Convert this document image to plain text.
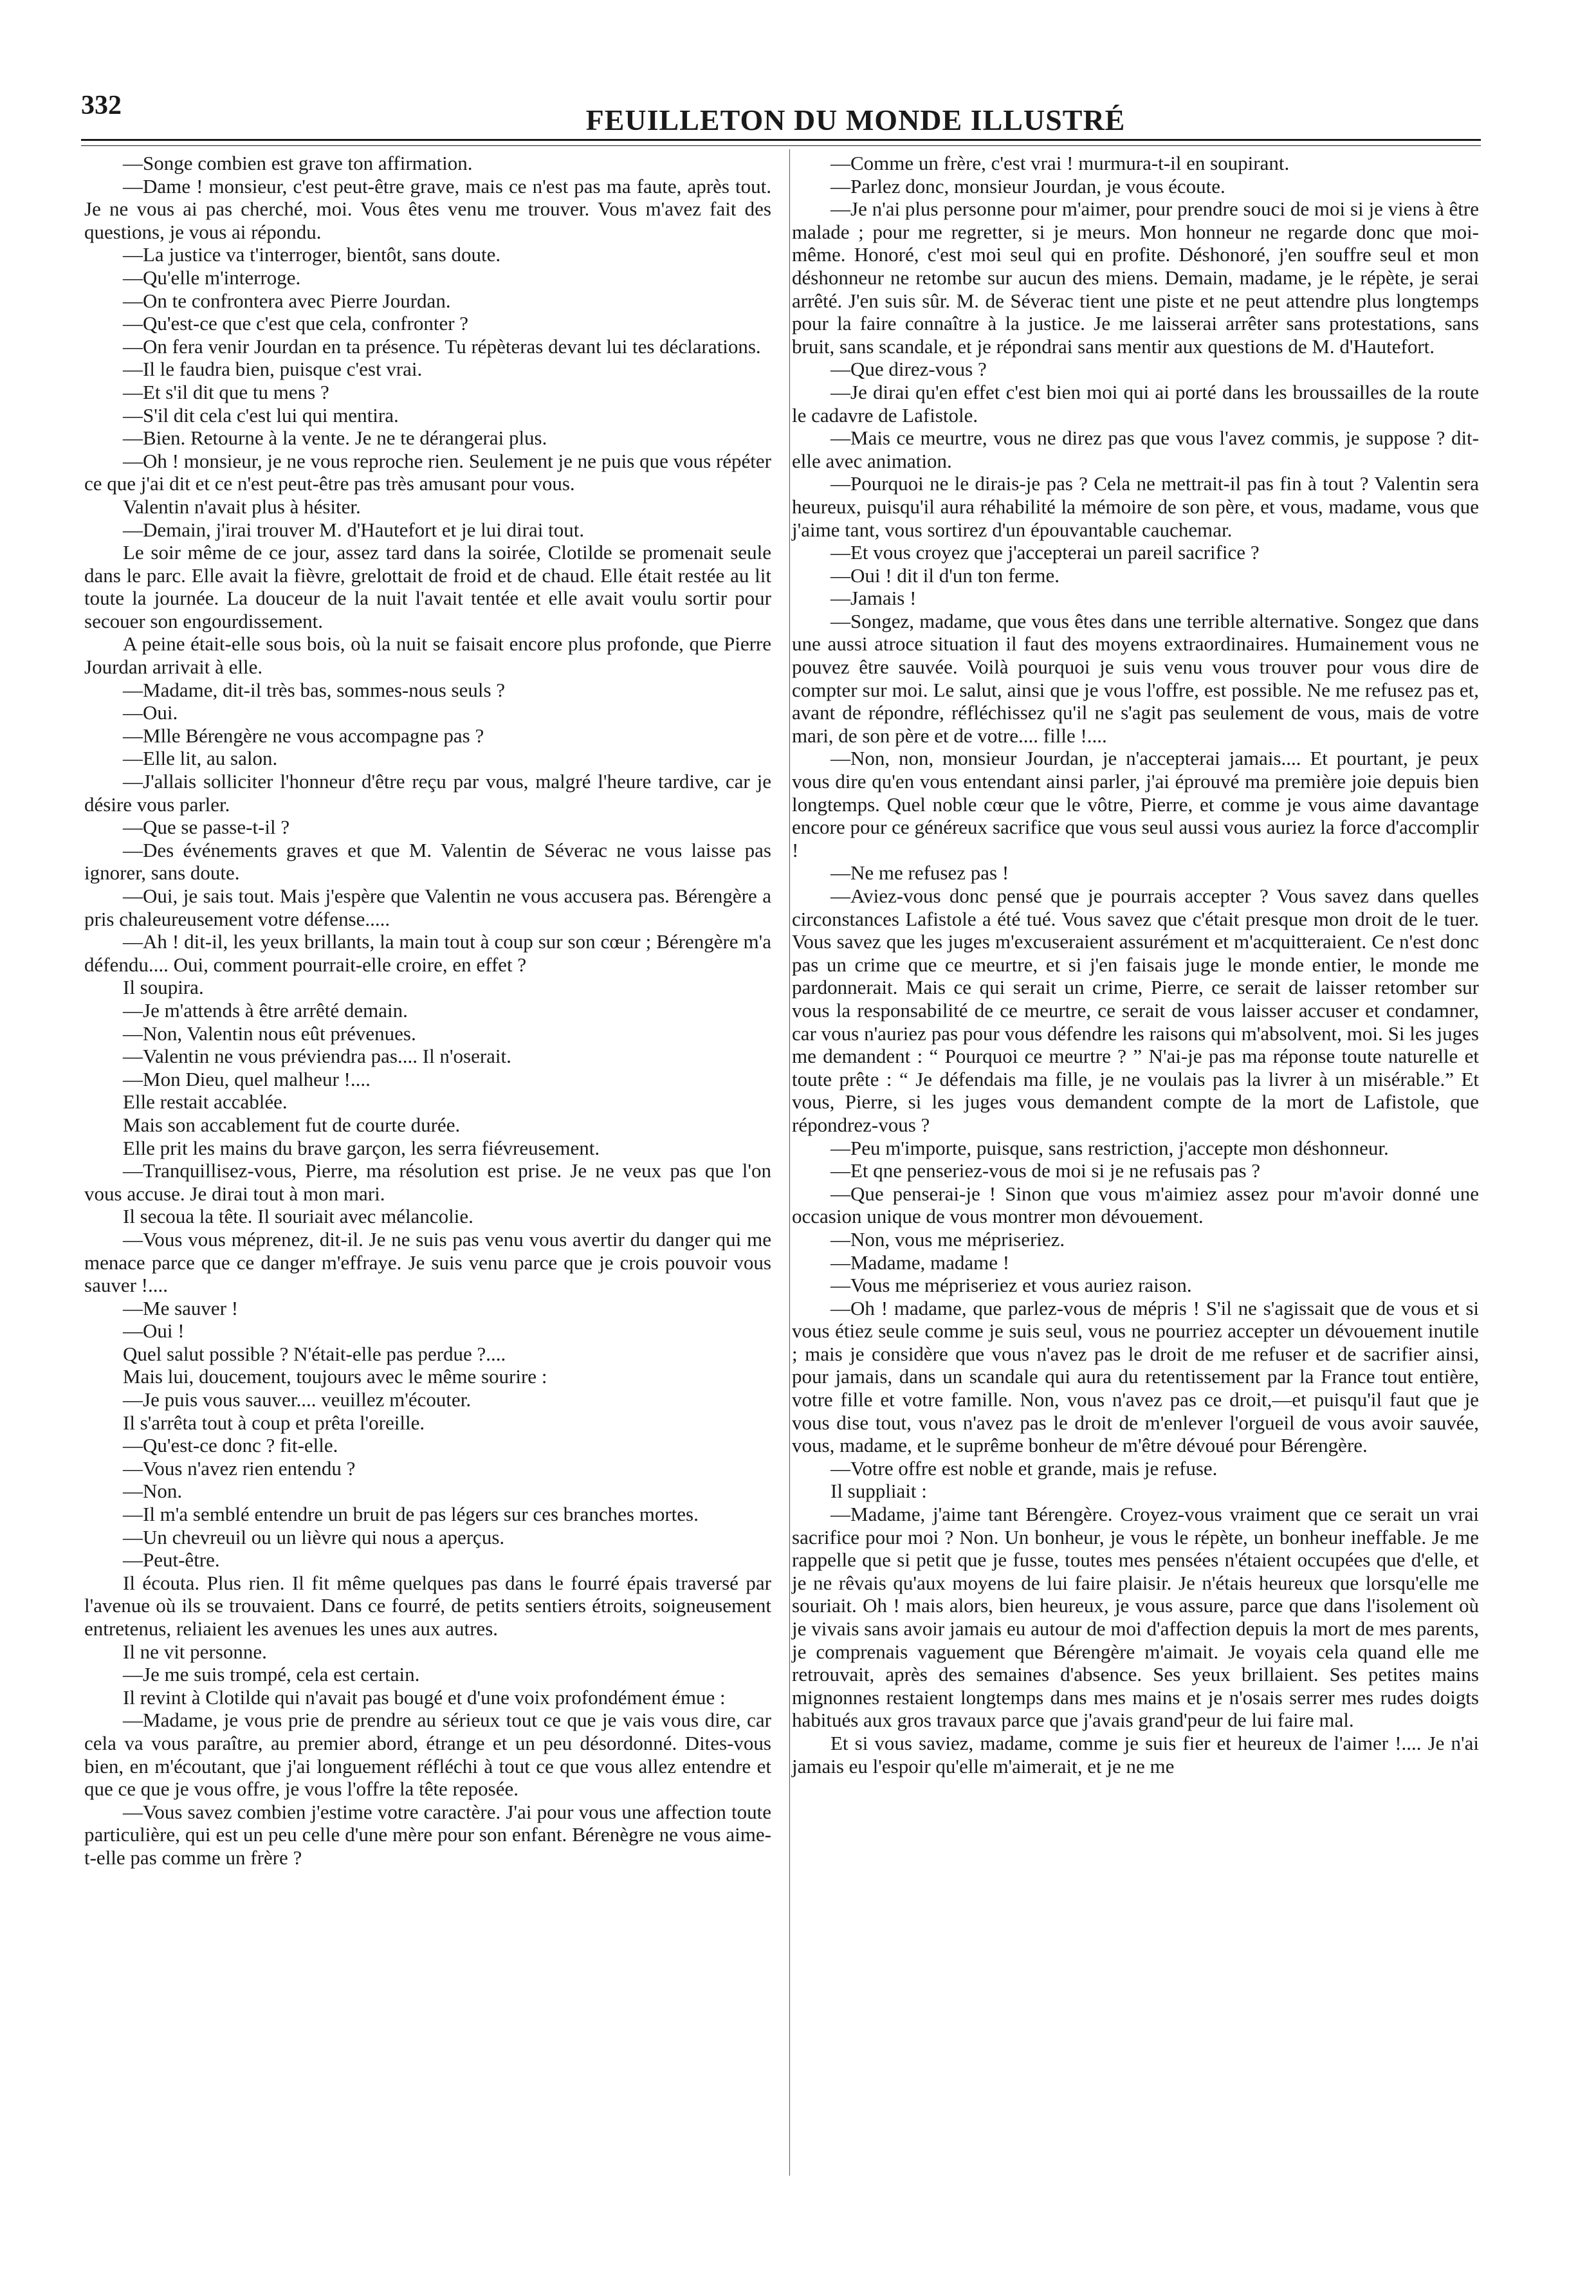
332	FEUILLETON DU MONDE ILLUSTRÉ

—Songe combien est grave ton affirmation.

—Dame ! monsieur, c'est peut-être grave, mais ce n'est pas ma faute, après tout. Je ne vous ai pas cherché, moi. Vous êtes venu me trouver. Vous m'avez fait des questions, je vous ai répondu.

—La justice va t'interroger, bientôt, sans doute.

—Qu'elle m'interroge.

—On te confrontera avec Pierre Jourdan.

—Qu'est-ce que c'est que cela, confronter ?

—On fera venir Jourdan en ta présence. Tu répèteras devant lui tes déclarations.

—Il le faudra bien, puisque c'est vrai.

—Et s'il dit que tu mens ?

—S'il dit cela c'est lui qui mentira.

—Bien. Retourne à la vente. Je ne te dérangerai plus.

—Oh ! monsieur, je ne vous reproche rien. Seulement je ne puis que vous répéter ce que j'ai dit et ce n'est peut-être pas très amusant pour vous.

Valentin n'avait plus à hésiter.

—Demain, j'irai trouver M. d'Hautefort et je lui dirai tout.

Le soir même de ce jour, assez tard dans la soirée, Clotilde se promenait seule dans le parc. Elle avait la fièvre, grelottait de froid et de chaud. Elle était restée au lit toute la journée. La douceur de la nuit l'avait tentée et elle avait voulu sortir pour secouer son engourdissement.

A peine était-elle sous bois, où la nuit se faisait encore plus profonde, que Pierre Jourdan arrivait à elle.

—Madame, dit-il très bas, sommes-nous seuls ?

—Oui.

—Mlle Bérengère ne vous accompagne pas ?

—Elle lit, au salon.

—J'allais solliciter l'honneur d'être reçu par vous, malgré l'heure tardive, car je désire vous parler.

—Que se passe-t-il ?

—Des événements graves et que M. Valentin de Séverac ne vous laisse pas ignorer, sans doute.

—Oui, je sais tout. Mais j'espère que Valentin ne vous accusera pas. Bérengère a pris chaleureusement votre défense.....

—Ah ! dit-il, les yeux brillants, la main tout à coup sur son cœur ; Bérengère m'a défendu.... Oui, comment pourrait-elle croire, en effet ?

Il soupira.

—Je m'attends à être arrêté demain.

—Non, Valentin nous eût prévenues.

—Valentin ne vous préviendra pas.... Il n'oserait.

—Mon Dieu, quel malheur !....

Elle restait accablée.

Mais son accablement fut de courte durée.

Elle prit les mains du brave garçon, les serra fiévreusement.

—Tranquillisez-vous, Pierre, ma résolution est prise. Je ne veux pas que l'on vous accuse. Je dirai tout à mon mari.

Il secoua la tête. Il souriait avec mélancolie.

—Vous vous méprenez, dit-il. Je ne suis pas venu vous avertir du danger qui me menace parce que ce danger m'effraye. Je suis venu parce que je crois pouvoir vous sauver !....

—Me sauver !

—Oui !

Quel salut possible ? N'était-elle pas perdue ?....

Mais lui, doucement, toujours avec le même sourire :

—Je puis vous sauver.... veuillez m'écouter.

Il s'arrêta tout à coup et prêta l'oreille.

—Qu'est-ce donc ? fit-elle.

—Vous n'avez rien entendu ?

—Non.

—Il m'a semblé entendre un bruit de pas légers sur ces branches mortes.

—Un chevreuil ou un lièvre qui nous a aperçus.

—Peut-être.

Il écouta. Plus rien. Il fit même quelques pas dans le fourré épais traversé par l'avenue où ils se trouvaient. Dans ce fourré, de petits sentiers étroits, soigneusement entretenus, reliaient les avenues les unes aux autres.

Il ne vit personne.

—Je me suis trompé, cela est certain.

Il revint à Clotilde qui n'avait pas bougé et d'une voix profondément émue :

—Madame, je vous prie de prendre au sérieux tout ce que je vais vous dire, car cela va vous paraître, au premier abord, étrange et un peu désordonné. Dites-vous bien, en m'écoutant, que j'ai longuement réfléchi à tout ce que vous allez entendre et que ce que je vous offre, je vous l'offre la tête reposée.

—Vous savez combien j'estime votre caractère. J'ai pour vous une affection toute particulière, qui est un peu celle d'une mère pour son enfant. Bérenègre ne vous aime-t-elle pas comme un frère ?

—Comme un frère, c'est vrai ! murmura-t-il en soupirant.

—Parlez donc, monsieur Jourdan, je vous écoute.

—Je n'ai plus personne pour m'aimer, pour prendre souci de moi si je viens à être malade ; pour me regretter, si je meurs. Mon honneur ne regarde donc que moi-même. Honoré, c'est moi seul qui en profite. Déshonoré, j'en souffre seul et mon déshonneur ne retombe sur aucun des miens. Demain, madame, je le répète, je serai arrêté. J'en suis sûr. M. de Séverac tient une piste et ne peut attendre plus longtemps pour la faire connaître à la justice. Je me laisserai arrêter sans protestations, sans bruit, sans scandale, et je répondrai sans mentir aux questions de M. d'Hautefort.

—Que direz-vous ?

—Je dirai qu'en effet c'est bien moi qui ai porté dans les broussailles de la route le cadavre de Lafistole.

—Mais ce meurtre, vous ne direz pas que vous l'avez commis, je suppose ? dit-elle avec animation.

—Pourquoi ne le dirais-je pas ? Cela ne mettrait-il pas fin à tout ? Valentin sera heureux, puisqu'il aura réhabilité la mémoire de son père, et vous, madame, vous que j'aime tant, vous sortirez d'un épouvantable cauchemar.

—Et vous croyez que j'accepterai un pareil sacrifice ?

—Oui ! dit il d'un ton ferme.

—Jamais !

—Songez, madame, que vous êtes dans une terrible alternative. Songez que dans une aussi atroce situation il faut des moyens extraordinaires. Humainement vous ne pouvez être sauvée. Voilà pourquoi je suis venu vous trouver pour vous dire de compter sur moi. Le salut, ainsi que je vous l'offre, est possible. Ne me refusez pas et, avant de répondre, réfléchissez qu'il ne s'agit pas seulement de vous, mais de votre mari, de son père et de votre.... fille !....

—Non, non, monsieur Jourdan, je n'accepterai jamais.... Et pourtant, je peux vous dire qu'en vous entendant ainsi parler, j'ai éprouvé ma première joie depuis bien longtemps. Quel noble cœur que le vôtre, Pierre, et comme je vous aime davantage encore pour ce généreux sacrifice que vous seul aussi vous auriez la force d'accomplir !

—Ne me refusez pas !

—Aviez-vous donc pensé que je pourrais accepter ? Vous savez dans quelles circonstances Lafistole a été tué. Vous savez que c'était presque mon droit de le tuer. Vous savez que les juges m'excuseraient assurément et m'acquitteraient. Ce n'est donc pas un crime que ce meurtre, et si j'en faisais juge le monde entier, le monde me pardonnerait. Mais ce qui serait un crime, Pierre, ce serait de laisser retomber sur vous la responsabilité de ce meurtre, ce serait de vous laisser accuser et condamner, car vous n'auriez pas pour vous défendre les raisons qui m'absolvent, moi. Si les juges me demandent : “ Pourquoi ce meurtre ? ” N'ai-je pas ma réponse toute naturelle et toute prête : “ Je défendais ma fille, je ne voulais pas la livrer à un misérable.” Et vous, Pierre, si les juges vous demandent compte de la mort de Lafistole, que répondrez-vous ?

—Peu m'importe, puisque, sans restriction, j'accepte mon déshonneur.

—Et qne penseriez-vous de moi si je ne refusais pas ?

—Que penserai-je ! Sinon que vous m'aimiez assez pour m'avoir donné une occasion unique de vous montrer mon dévouement.

—Non, vous me mépriseriez.

—Madame, madame !

—Vous me mépriseriez et vous auriez raison.

—Oh ! madame, que parlez-vous de mépris ! S'il ne s'agissait que de vous et si vous étiez seule comme je suis seul, vous ne pourriez accepter un dévouement inutile ; mais je considère que vous n'avez pas le droit de me refuser et de sacrifier ainsi, pour jamais, dans un scandale qui aura du retentissement par la France tout entière, votre fille et votre famille. Non, vous n'avez pas ce droit,—et puisqu'il faut que je vous dise tout, vous n'avez pas le droit de m'enlever l'orgueil de vous avoir sauvée, vous, madame, et le suprême bonheur de m'être dévoué pour Bérengère.

—Votre offre est noble et grande, mais je refuse.

Il suppliait :

—Madame, j'aime tant Bérengère. Croyez-vous vraiment que ce serait un vrai sacrifice pour moi ? Non. Un bonheur, je vous le répète, un bonheur ineffable. Je me rappelle que si petit que je fusse, toutes mes pensées n'étaient occupées que d'elle, et je ne rêvais qu'aux moyens de lui faire plaisir. Je n'étais heureux que lorsqu'elle me souriait. Oh ! mais alors, bien heureux, je vous assure, parce que dans l'isolement où je vivais sans avoir jamais eu autour de moi d'affection depuis la mort de mes parents, je comprenais vaguement que Bérengère m'aimait. Je voyais cela quand elle me retrouvait, après des semaines d'absence. Ses yeux brillaient. Ses petites mains mignonnes restaient longtemps dans mes mains et je n'osais serrer mes rudes doigts habitués aux gros travaux parce que j'avais grand'peur de lui faire mal.

Et si vous saviez, madame, comme je suis fier et heureux de l'aimer !.... Je n'ai jamais eu l'espoir qu'elle m'aimerait, et je ne me
